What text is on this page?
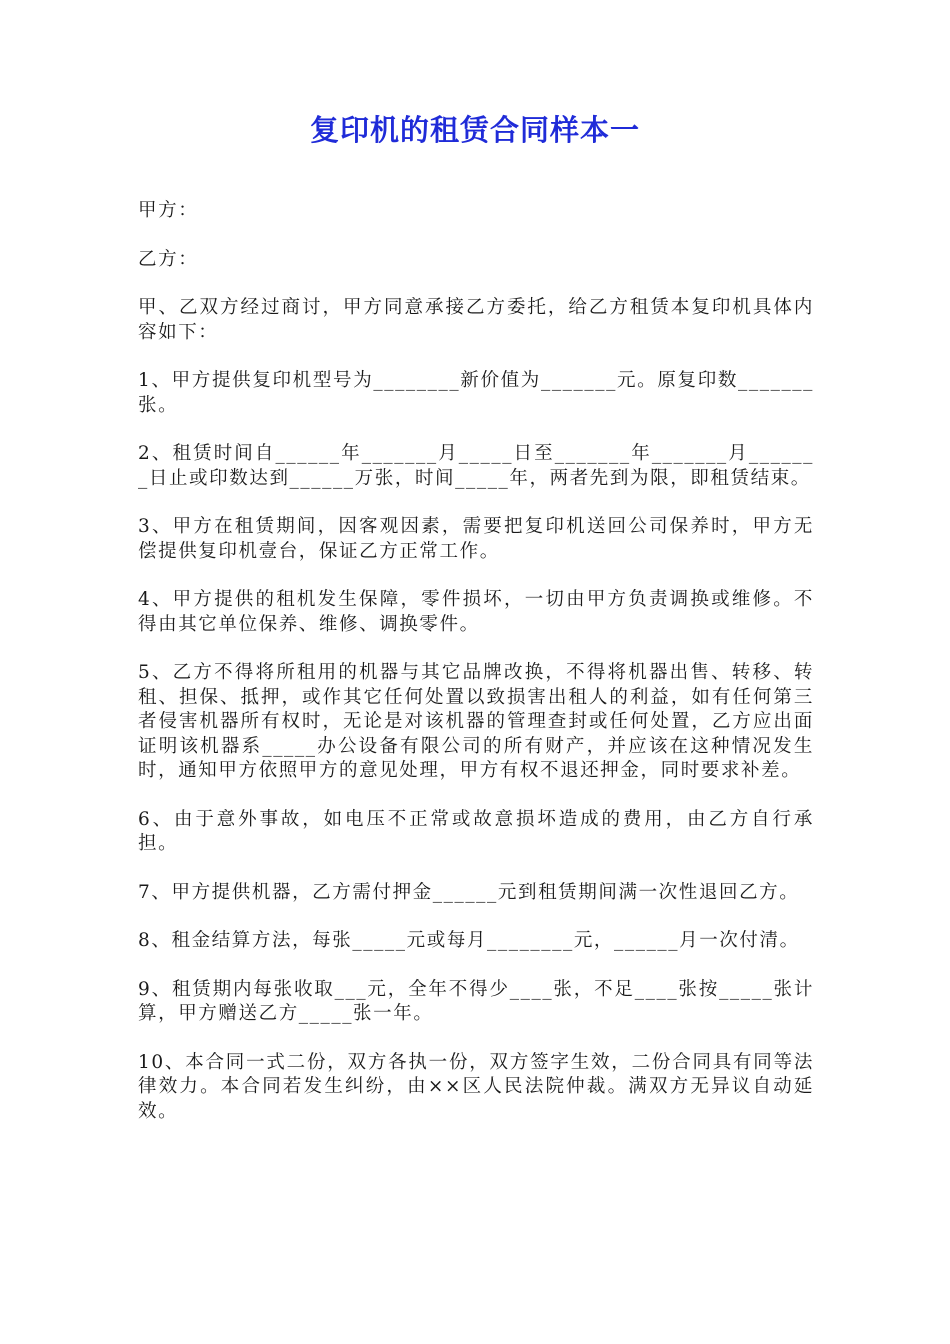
复印机的租赁合同样本一

甲方：

乙方：

甲、乙双方经过商讨，甲方同意承接乙方委托，给乙方租赁本复印机具体内容如下：

1、甲方提供复印机型号为________新价值为_______元。原复印数_______张。

2、租赁时间自______年_______月_____日至_______年_______月_______日止或印数达到______万张，时间_____年，两者先到为限，即租赁结束。

3、甲方在租赁期间，因客观因素，需要把复印机送回公司保养时，甲方无偿提供复印机壹台，保证乙方正常工作。

4、甲方提供的租机发生保障，零件损坏，一切由甲方负责调换或维修。不得由其它单位保养、维修、调换零件。

5、乙方不得将所租用的机器与其它品牌改换，不得将机器出售、转移、转租、担保、抵押，或作其它任何处置以致损害出租人的利益，如有任何第三者侵害机器所有权时，无论是对该机器的管理查封或任何处置，乙方应出面证明该机器系_____办公设备有限公司的所有财产，并应该在这种情况发生时，通知甲方依照甲方的意见处理，甲方有权不退还押金，同时要求补差。

6、由于意外事故，如电压不正常或故意损坏造成的费用，由乙方自行承担。

7、甲方提供机器，乙方需付押金______元到租赁期间满一次性退回乙方。

8、租金结算方法，每张_____元或每月________元，______月一次付清。

9、租赁期内每张收取___元，全年不得少____张，不足____张按_____张计算，甲方赠送乙方_____张一年。

10、本合同一式二份，双方各执一份，双方签字生效，二份合同具有同等法律效力。本合同若发生纠纷，由××区人民法院仲裁。满双方无异议自动延效。
